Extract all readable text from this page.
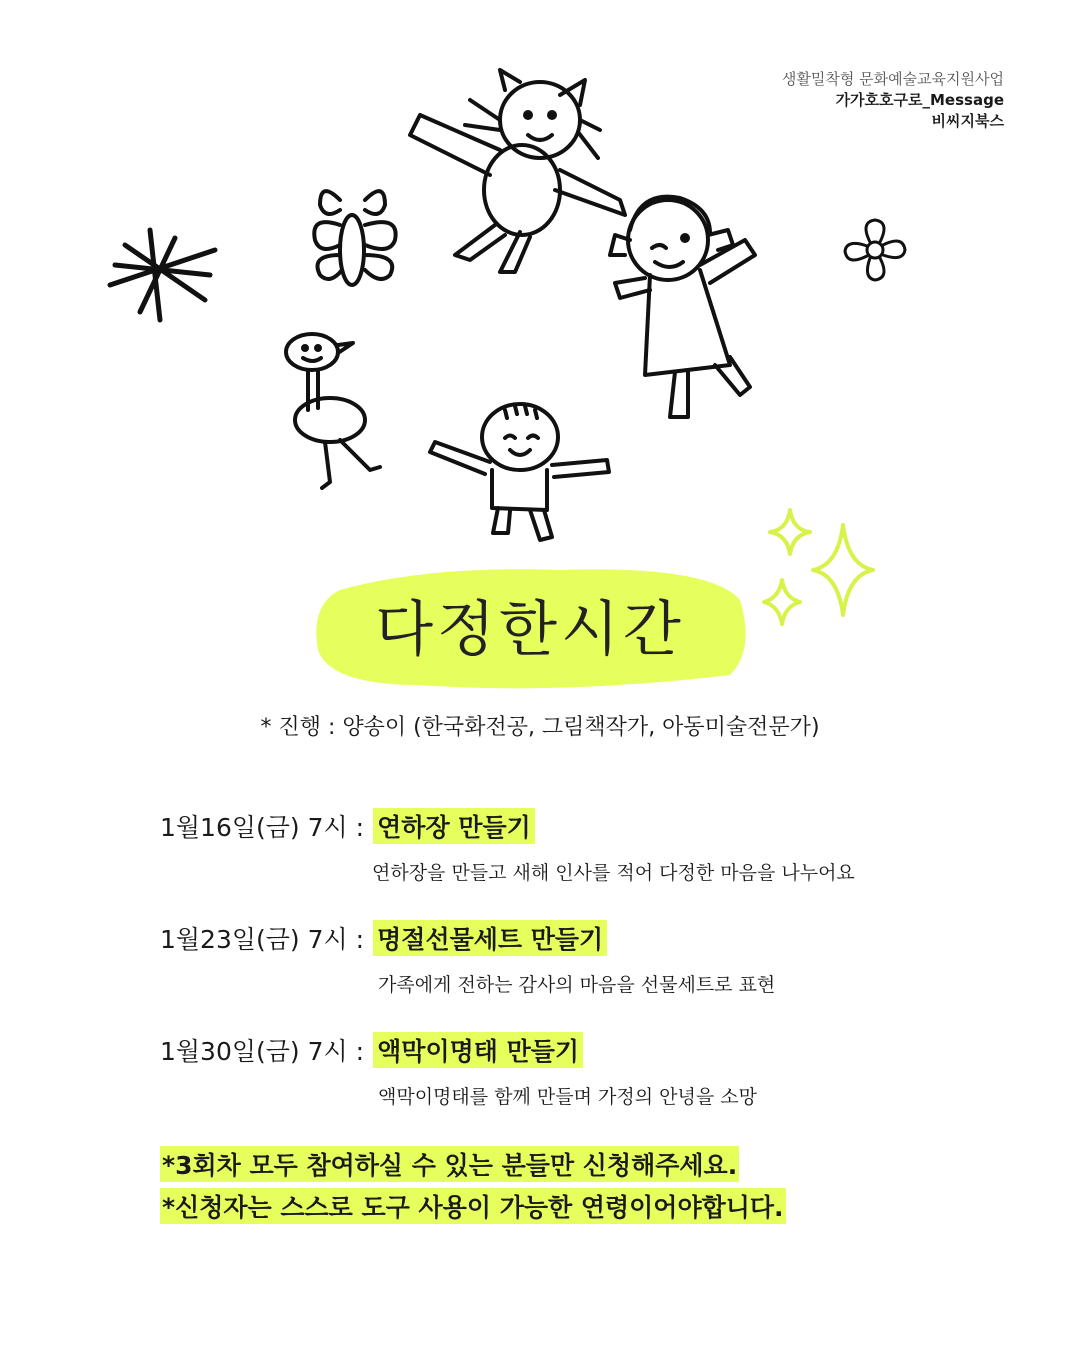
생활밀착형 문화예술교육지원사업
가가호호구로_Message
비씨지북스
다정한시간
* 진행 : 양송이 (한국화전공, 그림책작가, 아동미술전문가)
1월16일(금) 7시 : 연하장 만들기
연하장을 만들고 새해 인사를 적어 다정한 마음을 나누어요
1월23일(금) 7시 : 명절선물세트 만들기
가족에게 전하는 감사의 마음을 선물세트로 표현
1월30일(금) 7시 : 액막이명태 만들기
액막이명태를 함께 만들며 가정의 안녕을 소망
*3회차 모두 참여하실 수 있는 분들만 신청해주세요.
*신청자는 스스로 도구 사용이 가능한 연령이어야합니다.
